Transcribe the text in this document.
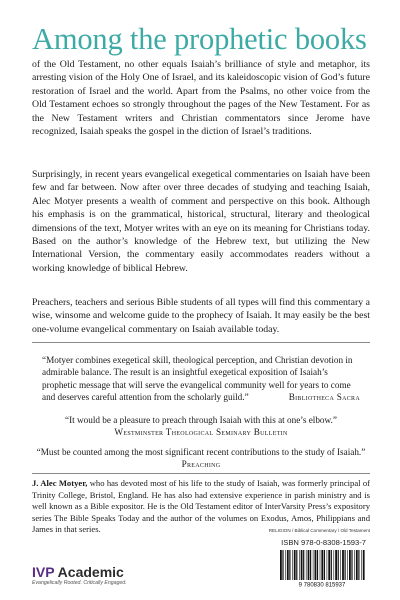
Among the prophetic books

of the Old Testament, no other equals Isaiah’s brilliance of style and metaphor, its arresting vision of the Holy One of Israel, and its kaleidoscopic vision of God’s future restoration of Israel and the world. Apart from the Psalms, no other voice from the Old Testament echoes so strongly throughout the pages of the New Testament. For as the New Testament writers and Christian commentators since Jerome have recognized, Isaiah speaks the gospel in the diction of Israel’s traditions.

Surprisingly, in recent years evangelical exegetical commentaries on Isaiah have been few and far between. Now after over three decades of studying and teaching Isaiah, Alec Motyer presents a wealth of comment and perspective on this book. Although his emphasis is on the grammatical, historical, structural, literary and theological dimensions of the text, Motyer writes with an eye on its meaning for Christians today. Based on the author’s knowledge of the Hebrew text, but utilizing the New International Version, the commentary easily accommodates readers without a working knowledge of biblical Hebrew.

Preachers, teachers and serious Bible students of all types will find this commentary a wise, winsome and welcome guide to the prophecy of Isaiah. It may easily be the best one-volume evangelical commentary on Isaiah available today.

“Motyer combines exegetical skill, theological perception, and Christian devotion in admirable balance. The result is an insightful exegetical exposition of Isaiah’s prophetic message that will serve the evangelical community well for years to come and deserves careful attention from the scholarly guild.”	Bibliotheca Sacra
“It would be a pleasure to preach through Isaiah with this at one’s elbow.”
Westminster Theological Seminary Bulletin
“Must be counted among the most significant recent contributions to the study of Isaiah.” Preaching

J. Alec Motyer, who has devoted most of his life to the study of Isaiah, was formerly principal of Trinity College, Bristol, England. He has also had extensive experience in parish ministry and is well known as a Bible expositor. He is the Old Testament editor of InterVarsity Press’s expository series The Bible Speaks Today and the author of the volumes on Exodus, Amos, Philippians and James in that series.

IVP Academic
Evangelically Rooted. Critically Engaged.
RELIGION / Biblical Commentary / Old Testament
ISBN 978-0-8308-1593-7
9 780830 815937
